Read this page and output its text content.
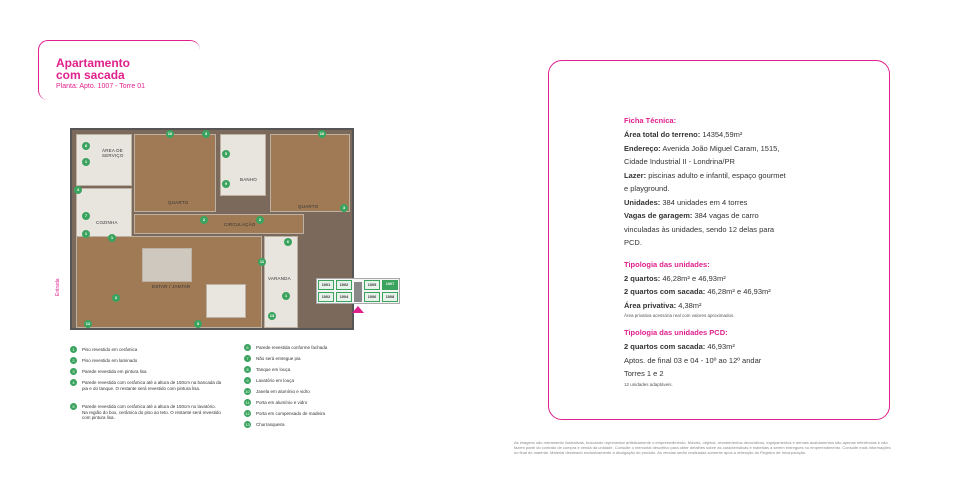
Apartamento
com sacada
Planta: Apto. 1007 - Torre 01
ÁREA DE SERVIÇO
COZINHA
QUARTO
BANHO
QUARTO
CIRCULAÇÃO
ESTAR / JANTAR
VARANDA
8
1
4
7
1
1
10	3
5
9
10
3
2	2
2
6
11
1
13
3
12
Entrada	1001	1002	1005	1007
1002	1004	1006	1008
1	Piso revestido em cerâmica
2	Piso revestido em laminado
3	Parede revestida em pintura lisa
4	Parede revestida com cerâmica até a altura de 150cm na bancada da pia e do tanque. O restante será revestido com pintura lisa.
5	Parede revestida com cerâmica até a altura de 150cm no lavatório. Na região do box, cerâmica do piso ao teto. O restante será revestido com pintura lisa.
6	Parede revestida conforme fachada
7	Não será entregue pia
8	Tanque em louça
9	Lavatório em louça
10 Janela em alumínio e vidro
11	Porta em alumínio e vidro
12 Porta em compensado de madeira
13 Churrasqueira
Ficha Técnica:
Área total do terreno: 14354,59m²
Endereço: Avenida João Miguel Caram, 1515,
Cidade Industrial II - Londrina/PR
Lazer: piscinas adulto e infantil, espaço gourmet
e playground.
Unidades: 384 unidades em 4 torres
Vagas de garagem: 384 vagas de carro
vinculadas às unidades, sendo 12 delas para
PCD.
Tipologia das unidades:
2 quartos: 46,28m² e 46,93m²
2 quartos com sacada: 46,28m² e 46,93m²
Área privativa: 4,38m²
Área privativa acessória real com valores aproximados.
Tipologia das unidades PCD:
2 quartos com sacada: 46,93m²
Aptos. de final 03 e 04 - 10º ao 12º andar
Torres 1 e 2
12 unidades adaptáveis.
As imagens são meramente ilustrativas, buscando representar artisticamente o empreendimento. Móveis, objetos, revestimentos decorativos, equipamentos e demais acabamentos são apenas referências e não fazem parte do contrato de compra e venda da unidade. Consulte o memorial descritivo para obter detalhes sobre as características e materiais a serem entregues no empreendimento. Consulte mais informações no final do material. Material destinado exclusivamente à divulgação do produto. As vendas serão realizadas somente após a obtenção do Registro de Incorporação.
